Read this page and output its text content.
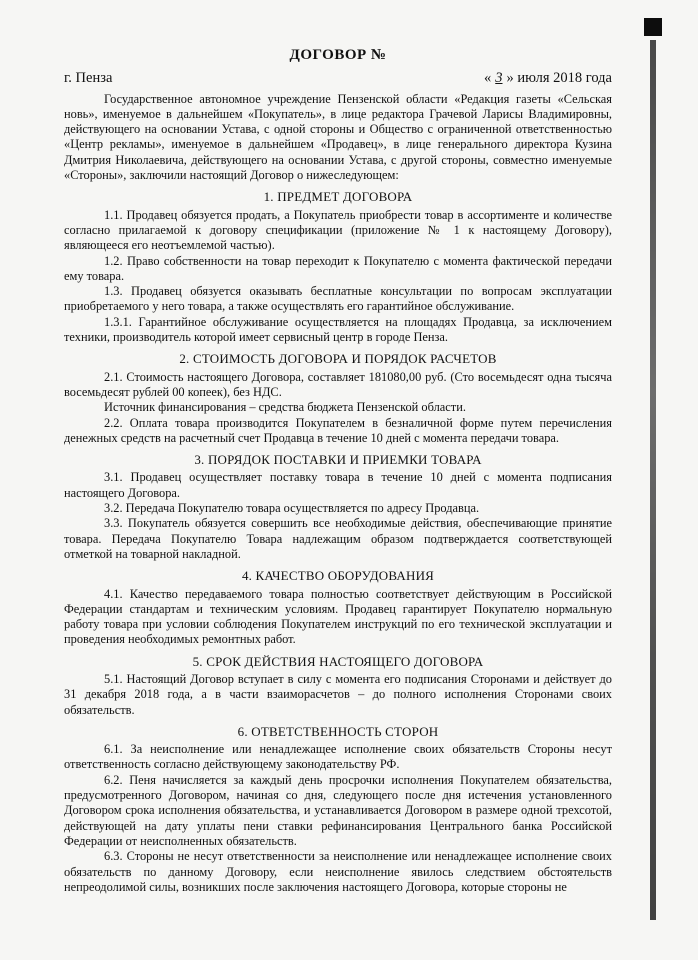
ДОГОВОР №
г. Пенза	« 3 » июля 2018 года

Государственное автономное учреждение Пензенской области «Редакция газеты «Сельская новь», именуемое в дальнейшем «Покупатель», в лице редактора Грачевой Ларисы Владимировны, действующего на основании Устава, с одной стороны и Общество с ограниченной ответственностью «Центр рекламы», именуемое в дальнейшем «Продавец», в лице генерального директора Кузина Дмитрия Николаевича, действующего на основании Устава, с другой стороны, совместно именуемые «Стороны», заключили настоящий Договор о нижеследующем:

1. ПРЕДМЕТ ДОГОВОРА

1.1. Продавец обязуется продать, а Покупатель приобрести товар в ассортименте и количестве согласно прилагаемой к договору спецификации (приложение № 1 к настоящему Договору), являющееся его неотъемлемой частью).

1.2. Право собственности на товар переходит к Покупателю с момента фактической передачи ему товара.

1.3. Продавец обязуется оказывать бесплатные консультации по вопросам эксплуатации приобретаемого у него товара, а также осуществлять его гарантийное обслуживание.

1.3.1. Гарантийное обслуживание осуществляется на площадях Продавца, за исключением техники, производитель которой имеет сервисный центр в городе Пенза.

2. СТОИМОСТЬ ДОГОВОРА И ПОРЯДОК РАСЧЕТОВ

2.1. Стоимость настоящего Договора, составляет 181080,00 руб. (Сто восемьдесят одна тысяча восемьдесят рублей 00 копеек), без НДС.

Источник финансирования – средства бюджета Пензенской области.

2.2. Оплата товара производится Покупателем в безналичной форме путем перечисления денежных средств на расчетный счет Продавца в течение 10 дней с момента передачи товара.

3. ПОРЯДОК ПОСТАВКИ И ПРИЕМКИ ТОВАРА

3.1. Продавец осуществляет поставку товара в течение 10 дней с момента подписания настоящего Договора.

3.2. Передача Покупателю товара осуществляется по адресу Продавца.

3.3. Покупатель обязуется совершить все необходимые действия, обеспечивающие принятие товара. Передача Покупателю Товара надлежащим образом подтверждается соответствующей отметкой на товарной накладной.

4. КАЧЕСТВО ОБОРУДОВАНИЯ

4.1. Качество передаваемого товара полностью соответствует действующим в Российской Федерации стандартам и техническим условиям. Продавец гарантирует Покупателю нормальную работу товара при условии соблюдения Покупателем инструкций по его технической эксплуатации и проведения необходимых ремонтных работ.

5. СРОК ДЕЙСТВИЯ НАСТОЯЩЕГО ДОГОВОРА

5.1. Настоящий Договор вступает в силу с момента его подписания Сторонами и действует до 31 декабря 2018 года, а в части взаиморасчетов – до полного исполнения Сторонами своих обязательств.

6. ОТВЕТСТВЕННОСТЬ СТОРОН

6.1. За неисполнение или ненадлежащее исполнение своих обязательств Стороны несут ответственность согласно действующему законодательству РФ.

6.2. Пеня начисляется за каждый день просрочки исполнения Покупателем обязательства, предусмотренного Договором, начиная со дня, следующего после дня истечения установленного Договором срока исполнения обязательства, и устанавливается Договором в размере одной трехсотой, действующей на дату уплаты пени ставки рефинансирования Центрального банка Российской Федерации от неисполненных обязательств.

6.3. Стороны не несут ответственности за неисполнение или ненадлежащее исполнение своих обязательств по данному Договору, если неисполнение явилось следствием обстоятельств непреодолимой силы, возникших после заключения настоящего Договора, которые стороны не
